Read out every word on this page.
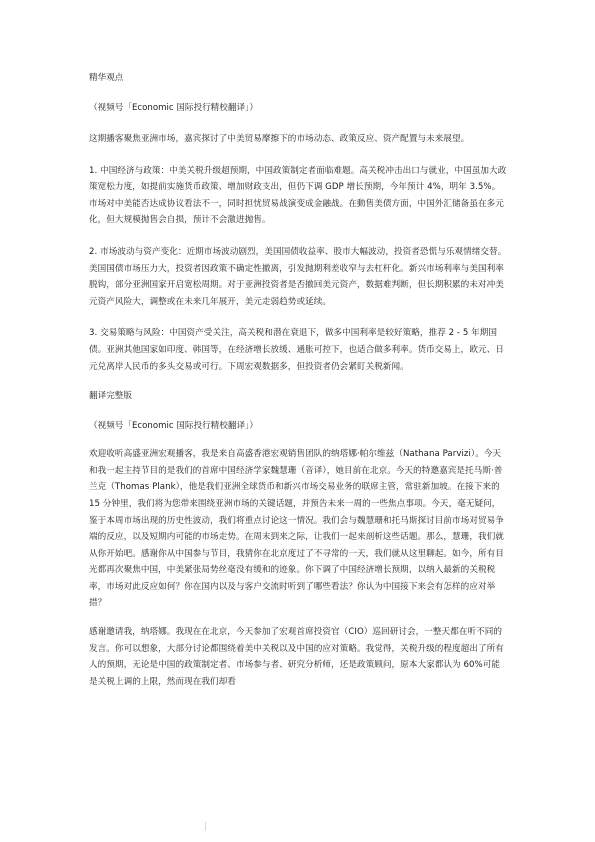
精华观点

（视频号「Economic 国际投行精校翻译」）

这期播客聚焦亚洲市场，嘉宾探讨了中美贸易摩擦下的市场动态、政策反应、资产配置与未来展望。

1. 中国经济与政策：中美关税升级超预期，中国政策制定者面临难题。高关税冲击出口与就业，中国虽加大政策宽松力度，如提前实施货币政策、增加财政支出，但仍下调 GDP 增长预期，今年预计 4%，明年 3.5%。市场对中美能否达成协议看法不一，同时担忧贸易战演变成金融战。在動售美债方面，中国外汇储备虽在多元化，但大规模抛售会自损，预计不会激进抛售。

2. 市场波动与资产变化：近期市场波动剧烈，美国国债收益率、股市大幅波动，投资者恐慌与乐观情绪交替。美国国债市场压力大，投资者因政策不确定性撤离，引发抛期利差收窄与去杠杆化。新兴市场利率与美国利率脱钩，部分亚洲国家开启宽松周期。对于亚洲投资者是否撤回美元资产，数据难判断，但长期积累的未对冲美元资产风险大，调整或在未来几年展开，美元走弱趋势或延续。

3. 交易策略与风险：中国资产受关注，高关税和潜在衰退下，做多中国利率是较好策略，推荐 2 - 5 年期国债。亚洲其他国家如印度、韩国等，在经济增长放缓、通胀可控下，也适合做多利率。货币交易上，欧元、日元兑离岸人民币的多头交易或可行。下周宏观数据多，但投资者仍会紧盯关税新闻。

翻译完整版

（视频号「Economic 国际投行精校翻译」）

欢迎收听高盛亚洲宏观播客，我是来自高盛香港宏观销售团队的纳塔娜·帕尔维兹（Nathana Parvizi）。今天和我一起主持节目的是我们的首席中国经济学家魏慧珊（音译），她目前在北京。今天的特邀嘉宾是托马斯·普兰克（Thomas Plank），他是我们亚洲全球货币和新兴市场交易业务的联席主管，常驻新加坡。在接下来的 15 分钟里，我们将为您带来围绕亚洲市场的关键话题，并预告未来一周的一些焦点事项。今天，毫无疑问，鉴于本周市场出现的历史性波动，我们将重点讨论这一情况。我们会与魏慧珊和托马斯探讨目前市场对贸易争端的反应，以及短期内可能的市场走势。在周末到来之际，让我们一起来剖析这些话题。那么，慧珊，我们就从你开始吧。感谢你从中国参与节目，我猜你在北京度过了不寻常的一天，我们就从这里聊起。如今，所有目光都再次聚焦中国，中美紧张局势丝毫没有缓和的迹象。你下调了中国经济增长预期，以纳入最新的关税税率，市场对此反应如何？你在国内以及与客户交流时听到了哪些看法？你认为中国接下来会有怎样的应对举措？

感谢邀请我，纳塔娜。我现在在北京，今天参加了宏观首席投资官（CIO）巡回研讨会，一整天都在听不同的发言。你可以想象，大部分讨论都围绕着美中关税以及中国的应对策略。我觉得，关税升级的程度超出了所有人的预期，无论是中国的政策制定者、市场参与者、研究分析师，还是政策顾问，原本大家都认为 60%可能是关税上调的上限，然而现在我们却看
